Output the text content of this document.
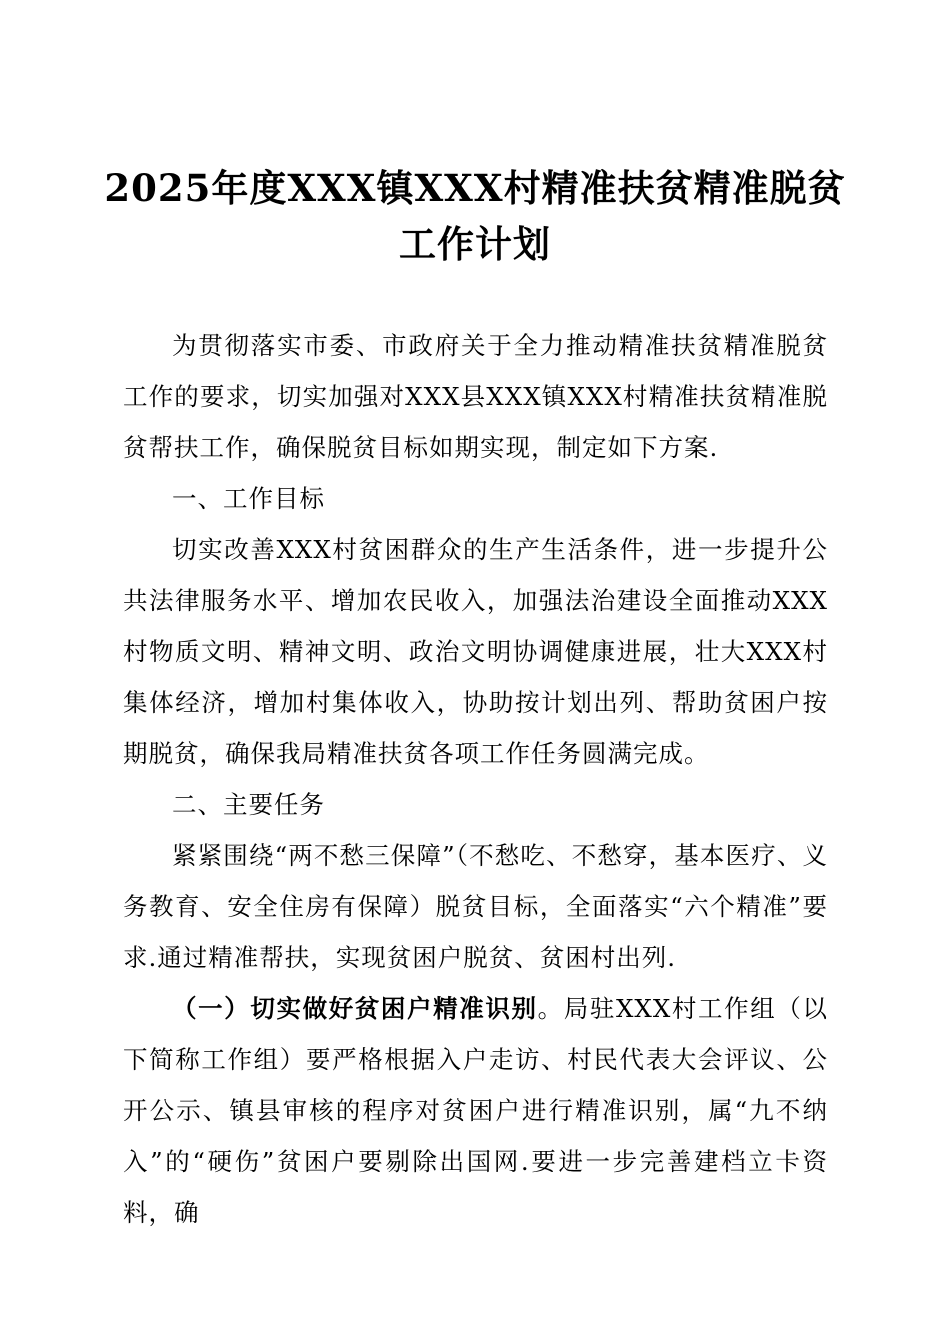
2025年度XXX镇XXX村精准扶贫精准脱贫
工作计划

为贯彻落实市委、市政府关于全力推动精准扶贫精准脱贫工作的要求，切实加强对XXX县XXX镇XXX村精准扶贫精准脱贫帮扶工作，确保脱贫目标如期实现，制定如下方案.

一、工作目标

切实改善XXX村贫困群众的生产生活条件，进一步提升公共法律服务水平、增加农民收入，加强法治建设全面推动XXX村物质文明、精神文明、政治文明协调健康进展，壮大XXX村集体经济，增加村集体收入，协助按计划出列、帮助贫困户按期脱贫，确保我局精准扶贫各项工作任务圆满完成。

二、主要任务

紧紧围绕“两不愁三保障”（不愁吃、不愁穿，基本医疗、义务教育、安全住房有保障）脱贫目标，全面落实“六个精准”要求.通过精准帮扶，实现贫困户脱贫、贫困村出列.

（一）切实做好贫困户精准识别。局驻XXX村工作组（以下简称工作组）要严格根据入户走访、村民代表大会评议、公开公示、镇县审核的程序对贫困户进行精准识别，属“九不纳入”的“硬伤”贫困户要剔除出国网.要进一步完善建档立卡资料，确
